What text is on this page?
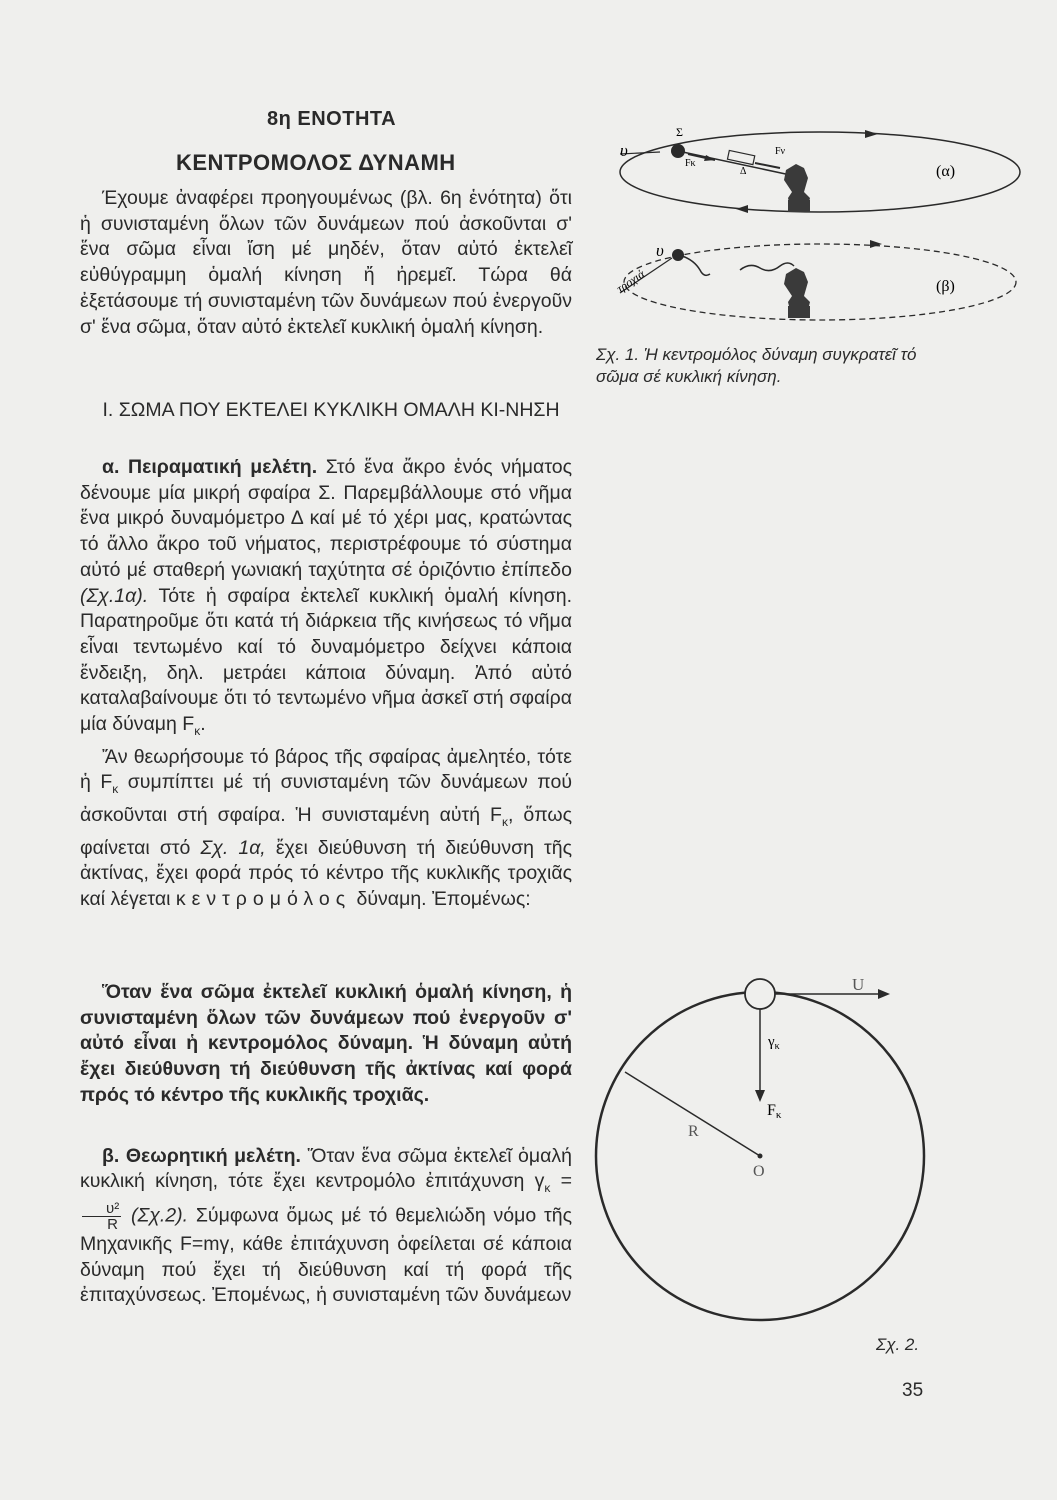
8η ΕΝΟΤΗΤΑ
ΚΕΝΤΡΟΜΟΛΟΣ ΔΥΝΑΜΗ

Έχουμε ἀναφέρει προηγουμένως (βλ. 6η ἑνότητα) ὅτι ἡ συνισταμένη ὅλων τῶν δυνάμεων πού ἀσκοῦνται σ' ἕνα σῶμα εἶναι ἴση μέ μηδέν, ὅταν αὐτό ἐκτελεῖ εὐθύγραμμη ὁμαλή κίνηση ἤ ἠρεμεῖ. Τώρα θά ἐξετάσουμε τή συνισταμένη τῶν δυνάμεων πού ἐνεργοῦν σ' ἕνα σῶμα, ὅταν αὐτό ἐκτελεῖ κυκλική ὁμαλή κίνηση.

Ι. ΣΩΜΑ ΠΟΥ ΕΚΤΕΛΕΙ ΚΥΚΛΙΚΗ ΟΜΑΛΗ ΚΙ-ΝΗΣΗ

α. Πειραματική μελέτη. Στό ἕνα ἄκρο ἑνός νήματος δένουμε μία μικρή σφαίρα Σ. Παρεμβάλλουμε στό νῆμα ἕνα μικρό δυναμόμετρο Δ καί μέ τό χέρι μας, κρατώντας τό ἄλλο ἄκρο τοῦ νήματος, περιστρέφουμε τό σύστημα αὐτό μέ σταθερή γωνιακή ταχύτητα σέ ὁριζόντιο ἐπίπεδο (Σχ.1α). Τότε ἡ σφαίρα ἐκτελεῖ κυκλική ὁμαλή κίνηση. Παρατηροῦμε ὅτι κατά τή διάρκεια τῆς κινήσεως τό νῆμα εἶναι τεντωμένο καί τό δυναμόμετρο δείχνει κάποια ἔνδειξη, δηλ. μετράει κάποια δύναμη. Ἀπό αὐτό καταλαβαίνουμε ὅτι τό τεντωμένο νῆμα ἀσκεῖ στή σφαίρα μία δύναμη $F_\kappa$.

Ἄν θεωρήσουμε τό βάρος τῆς σφαίρας ἀμελητέο, τότε ἡ $F_\kappa$ συμπίπτει μέ τή συνισταμένη τῶν δυνάμεων πού ἀσκοῦνται στή σφαίρα. Ἡ συνισταμένη αὐτή $F_\kappa$, ὅπως φαίνεται στό Σχ. 1α, ἔχει διεύθυνση τή διεύθυνση τῆς ἀκτίνας, ἔχει φορά πρός τό κέντρο τῆς κυκλικῆς τροχιᾶς καί λέγεται κεντρομόλος δύναμη. Ἐπομένως:

Ὅταν ἕνα σῶμα ἐκτελεῖ κυκλική ὁμαλή κίνηση, ἡ συνισταμένη ὅλων τῶν δυνάμεων πού ἐνεργοῦν σ' αὐτό εἶναι ἡ κεντρομόλος δύναμη. Ἡ δύναμη αὐτή ἔχει διεύθυνση τή διεύθυνση τῆς ἀκτίνας καί φορά πρός τό κέντρο τῆς κυκλικῆς τροχιᾶς.

β. Θεωρητική μελέτη. Ὅταν ἕνα σῶμα ἐκτελεῖ ὁμαλή κυκλική κίνηση, τότε ἔχει κεντρομόλο ἐπιτάχυνση $\gamma_\kappa$ =
$\frac{\text{υ²}}{R} (\Sigma\chi.2)$. Σύμφωνα ὅμως μέ τό θεμελιώδη νόμο τῆς Μηχανικῆς F=mγ, κάθε ἐπιτάχυνση ὀφείλεται σέ κάποια δύναμη πού ἔχει τή διεύθυνση καί τή φορά τῆς ἐπιταχύνσεως. Ἐπομένως, ἡ συνισταμένη τῶν δυνάμεων

υ
Σ
Fκ
Δ
Fν
(α)
υ
τροχιά	(β)
Σχ. 1. Ἡ κεντρομόλος δύναμη συγκρατεῖ τό σῶμα σέ κυκλική κίνηση.
U
$\gamma_\kappa$
Fκ
R
O
Σχ. 2.
35
